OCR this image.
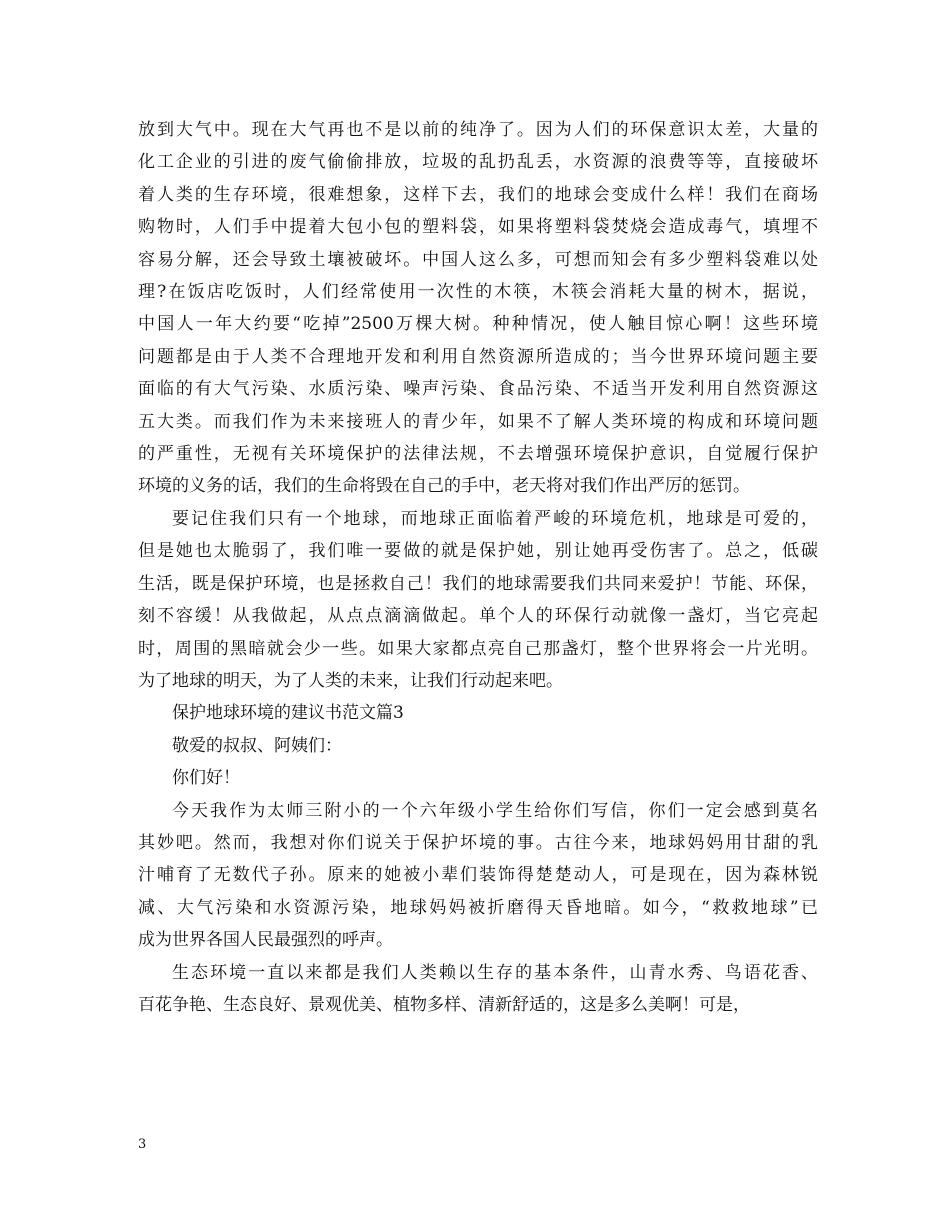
放到大气中。现在大气再也不是以前的纯净了。因为人们的环保意识太差，大量的
化工企业的引进的废气偷偷排放，垃圾的乱扔乱丢，水资源的浪费等等，直接破坏
着人类的生存环境，很难想象，这样下去，我们的地球会变成什么样！我们在商场
购物时，人们手中提着大包小包的塑料袋，如果将塑料袋焚烧会造成毒气，填埋不
容易分解，还会导致土壤被破坏。中国人这么多，可想而知会有多少塑料袋难以处
理?在饭店吃饭时，人们经常使用一次性的木筷，木筷会消耗大量的树木，据说，
中国人一年大约要“吃掉”2500万棵大树。种种情况，使人触目惊心啊！这些环境
问题都是由于人类不合理地开发和利用自然资源所造成的；当今世界环境问题主要
面临的有大气污染、水质污染、噪声污染、食品污染、不适当开发利用自然资源这
五大类。而我们作为未来接班人的青少年，如果不了解人类环境的构成和环境问题
的严重性，无视有关环境保护的法律法规，不去增强环境保护意识，自觉履行保护
环境的义务的话，我们的生命将毁在自己的手中，老天将对我们作出严厉的惩罚。

要记住我们只有一个地球，而地球正面临着严峻的环境危机，地球是可爱的，
但是她也太脆弱了，我们唯一要做的就是保护她，别让她再受伤害了。总之，低碳
生活，既是保护环境，也是拯救自己！我们的地球需要我们共同来爱护！节能、环保，
刻不容缓！从我做起，从点点滴滴做起。单个人的环保行动就像一盏灯，当它亮起
时，周围的黑暗就会少一些。如果大家都点亮自己那盏灯，整个世界将会一片光明。
为了地球的明天，为了人类的未来，让我们行动起来吧。

保护地球环境的建议书范文篇3

敬爱的叔叔、阿姨们：

你们好！

今天我作为太师三附小的一个六年级小学生给你们写信，你们一定会感到莫名
其妙吧。然而，我想对你们说关于保护坏境的事。古往今来，地球妈妈用甘甜的乳
汁哺育了无数代子孙。原来的她被小辈们装饰得楚楚动人，可是现在，因为森林锐
减、大气污染和水资源污染，地球妈妈被折磨得天昏地暗。如今，“救救地球”已
成为世界各国人民最强烈的呼声。

生态环境一直以来都是我们人类赖以生存的基本条件，山青水秀、鸟语花香、
百花争艳、生态良好、景观优美、植物多样、清新舒适的，这是多么美啊！可是，

3
